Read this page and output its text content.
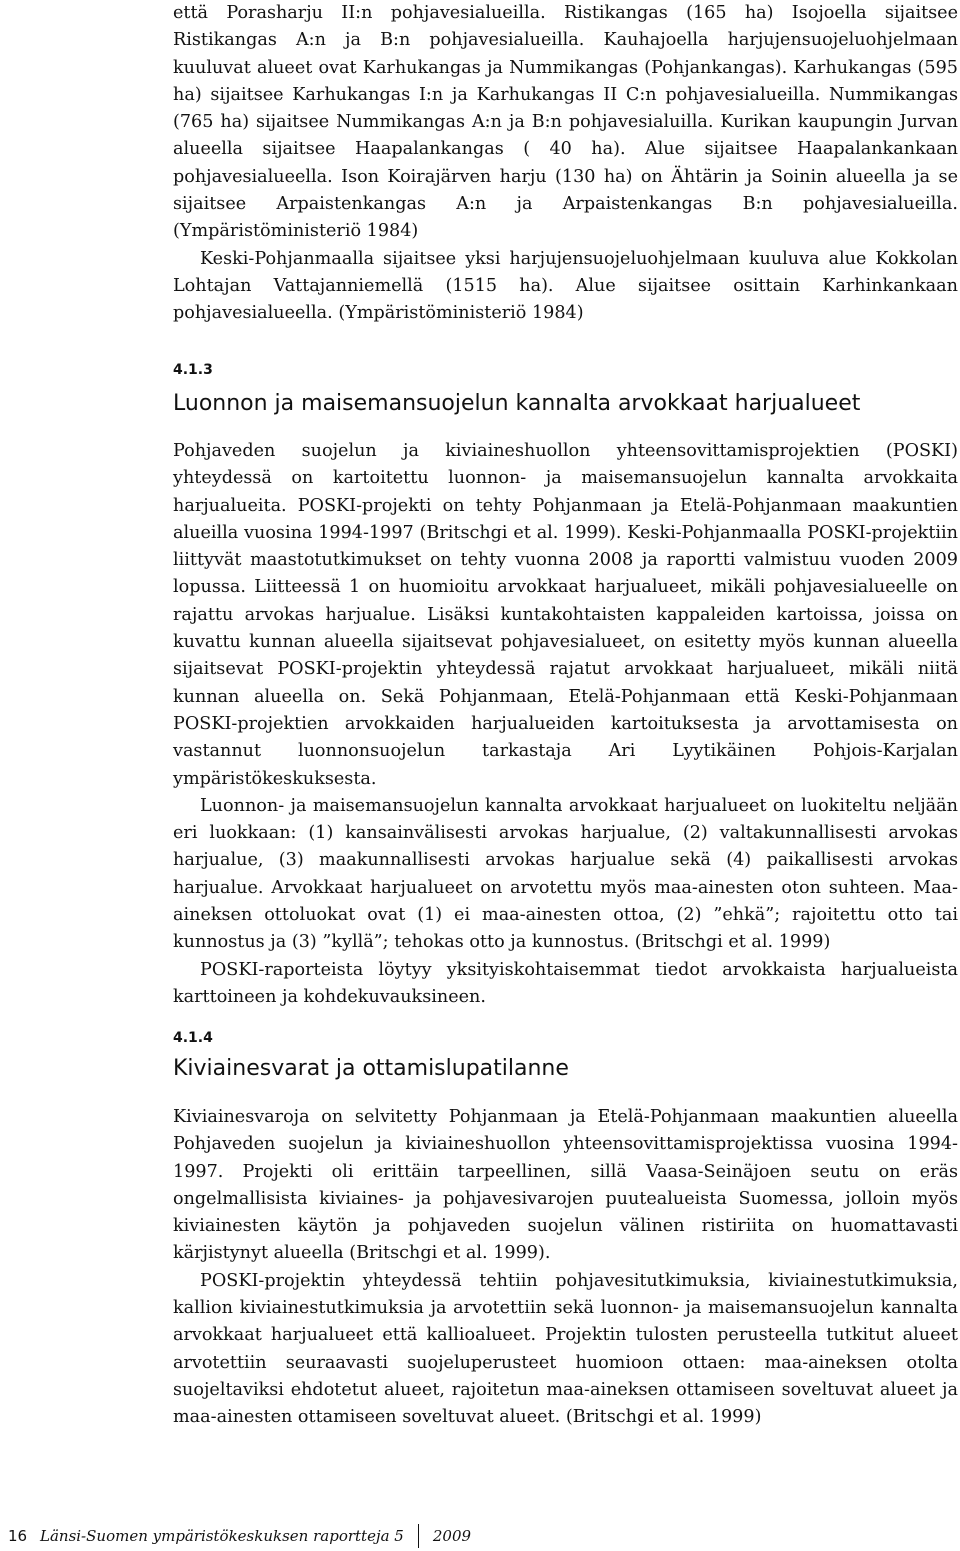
että Porasharju II:n pohjavesialueilla. Ristikangas (165 ha) Isojoella sijaitsee Ristikangas A:n ja B:n pohjavesialueilla. Kauhajoella harjujensuojeluohjelmaan kuuluvat alueet ovat Karhukangas ja Nummikangas (Pohjankangas). Karhukangas (595 ha) sijaitsee Karhukangas I:n ja Karhukangas II C:n pohjavesialueilla. Nummikangas (765 ha) sijaitsee Nummikangas A:n ja B:n pohjavesialuilla. Kurikan kaupungin Jurvan alueella sijaitsee Haapalankangas ( 40 ha). Alue sijaitsee Haapalankankaan pohjavesialueella. Ison Koirajärven harju (130 ha) on Ähtärin ja Soinin alueella ja se sijaitsee Arpaistenkangas A:n ja Arpaistenkangas B:n pohjavesialueilla. (Ympäristöministeriö 1984)

Keski-Pohjanmaalla sijaitsee yksi harjujensuojeluohjelmaan kuuluva alue Kokkolan Lohtajan Vattajanniemellä (1515 ha). Alue sijaitsee osittain Karhinkankaan pohjavesialueella. (Ympäristöministeriö 1984)

4.1.3
Luonnon ja maisemansuojelun kannalta arvokkaat harjualueet

Pohjaveden suojelun ja kiviaineshuollon yhteensovittamisprojektien (POSKI) yhteydessä on kartoitettu luonnon- ja maisemansuojelun kannalta arvokkaita harjualueita. POSKI-projekti on tehty Pohjanmaan ja Etelä-Pohjanmaan maakuntien alueilla vuosina 1994-1997 (Britschgi et al. 1999). Keski-Pohjanmaalla POSKI-projektiin liittyvät maastotutkimukset on tehty vuonna 2008 ja raportti valmistuu vuoden 2009 lopussa. Liitteessä 1 on huomioitu arvokkaat harjualueet, mikäli pohjavesialueelle on rajattu arvokas harjualue. Lisäksi kuntakohtaisten kappaleiden kartoissa, joissa on kuvattu kunnan alueella sijaitsevat pohjavesialueet, on esitetty myös kunnan alueella sijaitsevat POSKI-projektin yhteydessä rajatut arvokkaat harjualueet, mikäli niitä kunnan alueella on. Sekä Pohjanmaan, Etelä-Pohjanmaan että Keski-Pohjanmaan POSKI-projektien arvokkaiden harjualueiden kartoituksesta ja arvottamisesta on vastannut luonnonsuojelun tarkastaja Ari Lyytikäinen Pohjois-Karjalan ympäristökeskuksesta.

Luonnon- ja maisemansuojelun kannalta arvokkaat harjualueet on luokiteltu neljään eri luokkaan: (1) kansainvälisesti arvokas harjualue, (2) valtakunnallisesti arvokas harjualue, (3) maakunnallisesti arvokas harjualue sekä (4) paikallisesti arvokas harjualue. Arvokkaat harjualueet on arvotettu myös maa-ainesten oton suhteen. Maa-aineksen ottoluokat ovat (1) ei maa-ainesten ottoa, (2) ”ehkä”; rajoitettu otto tai kunnostus ja (3) ”kyllä”; tehokas otto ja kunnostus. (Britschgi et al. 1999)

POSKI-raporteista löytyy yksityiskohtaisemmat tiedot arvokkaista harjualueista karttoineen ja kohdekuvauksineen.

4.1.4
Kiviainesvarat ja ottamislupatilanne

Kiviainesvaroja on selvitetty Pohjanmaan ja Etelä-Pohjanmaan maakuntien alueella Pohjaveden suojelun ja kiviaineshuollon yhteensovittamisprojektissa vuosina 1994-1997. Projekti oli erittäin tarpeellinen, sillä Vaasa-Seinäjoen seutu on eräs ongelmallisista kiviaines- ja pohjavesivarojen puutealueista Suomessa, jolloin myös kiviainesten käytön ja pohjaveden suojelun välinen ristiriita on huomattavasti kärjistynyt alueella (Britschgi et al. 1999).

POSKI-projektin yhteydessä tehtiin pohjavesitutkimuksia, kiviainestutkimuksia, kallion kiviainestutkimuksia ja arvotettiin sekä luonnon- ja maisemansuojelun kannalta arvokkaat harjualueet että kallioalueet. Projektin tulosten perusteella tutkitut alueet arvotettiin seuraavasti suojeluperusteet huomioon ottaen: maa-aineksen otolta suojeltaviksi ehdotetut alueet, rajoitetun maa-aineksen ottamiseen soveltuvat alueet ja maa-ainesten ottamiseen soveltuvat alueet. (Britschgi et al. 1999)

16 Länsi-Suomen ympäristökeskuksen raportteja 5 2009
